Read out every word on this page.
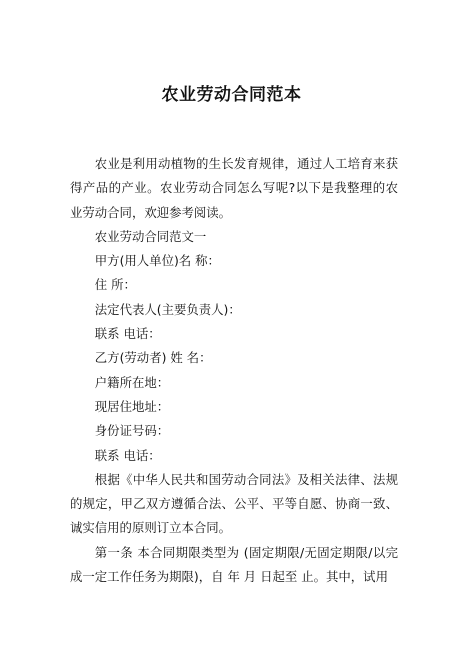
农业劳动合同范本

农业是利用动植物的生长发育规律，通过人工培育来获得产品的产业。农业劳动合同怎么写呢?以下是我整理的农业劳动合同，欢迎参考阅读。

农业劳动合同范文一

甲方(用人单位)名 称：

住 所：

法定代表人(主要负责人)：

联系 电话：

乙方(劳动者) 姓 名：

户籍所在地：

现居住地址：

身份证号码：

联系 电话：

根据《中华人民共和国劳动合同法》及相关法律、法规的规定，甲乙双方遵循合法、公平、平等自愿、协商一致、诚实信用的原则订立本合同。

第一条 本合同期限类型为 (固定期限/无固定期限/以完成一定工作任务为期限)，自 年 月 日起至 止。其中，试用
